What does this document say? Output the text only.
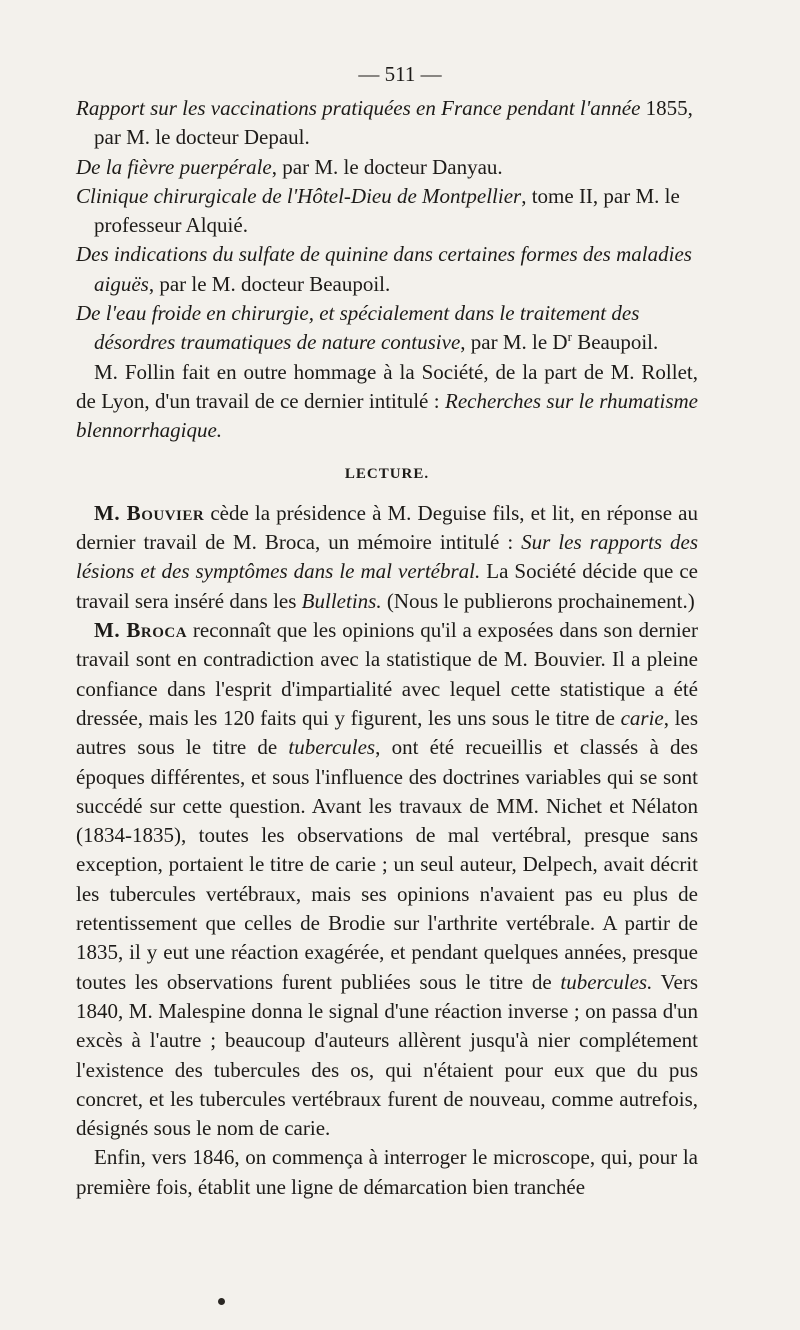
— 511 —

Rapport sur les vaccinations pratiquées en France pendant l'année 1855, par M. le docteur Depaul.

De la fièvre puerpérale, par M. le docteur Danyau.

Clinique chirurgicale de l'Hôtel-Dieu de Montpellier, tome II, par M. le professeur Alquié.

Des indications du sulfate de quinine dans certaines formes des maladies aiguës, par le M. docteur Beaupoil.

De l'eau froide en chirurgie, et spécialement dans le traitement des désordres traumatiques de nature contusive, par M. le $D^r$ Beaupoil.

M. Follin fait en outre hommage à la Société, de la part de M. Rollet, de Lyon, d'un travail de ce dernier intitulé : Recherches sur le rhumatisme blennorrhagique.

LECTURE.

M. Bouvier cède la présidence à M. Deguise fils, et lit, en réponse au dernier travail de M. Broca, un mémoire intitulé : Sur les rapports des lésions et des symptômes dans le mal vertébral. La Société décide que ce travail sera inséré dans les Bulletins. (Nous le publierons prochainement.)

M. Broca reconnaît que les opinions qu'il a exposées dans son dernier travail sont en contradiction avec la statistique de M. Bouvier. Il a pleine confiance dans l'esprit d'impartialité avec lequel cette statistique a été dressée, mais les 120 faits qui y figurent, les uns sous le titre de carie, les autres sous le titre de tubercules, ont été recueillis et classés à des époques différentes, et sous l'influence des doctrines variables qui se sont succédé sur cette question. Avant les travaux de MM. Nichet et Nélaton (1834-1835), toutes les observations de mal vertébral, presque sans exception, portaient le titre de carie ; un seul auteur, Delpech, avait décrit les tubercules vertébraux, mais ses opinions n'avaient pas eu plus de retentissement que celles de Brodie sur l'arthrite vertébrale. A partir de 1835, il y eut une réaction exagérée, et pendant quelques années, presque toutes les observations furent publiées sous le titre de tubercules. Vers 1840, M. Malespine donna le signal d'une réaction inverse ; on passa d'un excès à l'autre ; beaucoup d'auteurs allèrent jusqu'à nier complétement l'existence des tubercules des os, qui n'étaient pour eux que du pus concret, et les tubercules vertébraux furent de nouveau, comme autrefois, désignés sous le nom de carie.

Enfin, vers 1846, on commença à interroger le microscope, qui, pour la première fois, établit une ligne de démarcation bien tranchée
